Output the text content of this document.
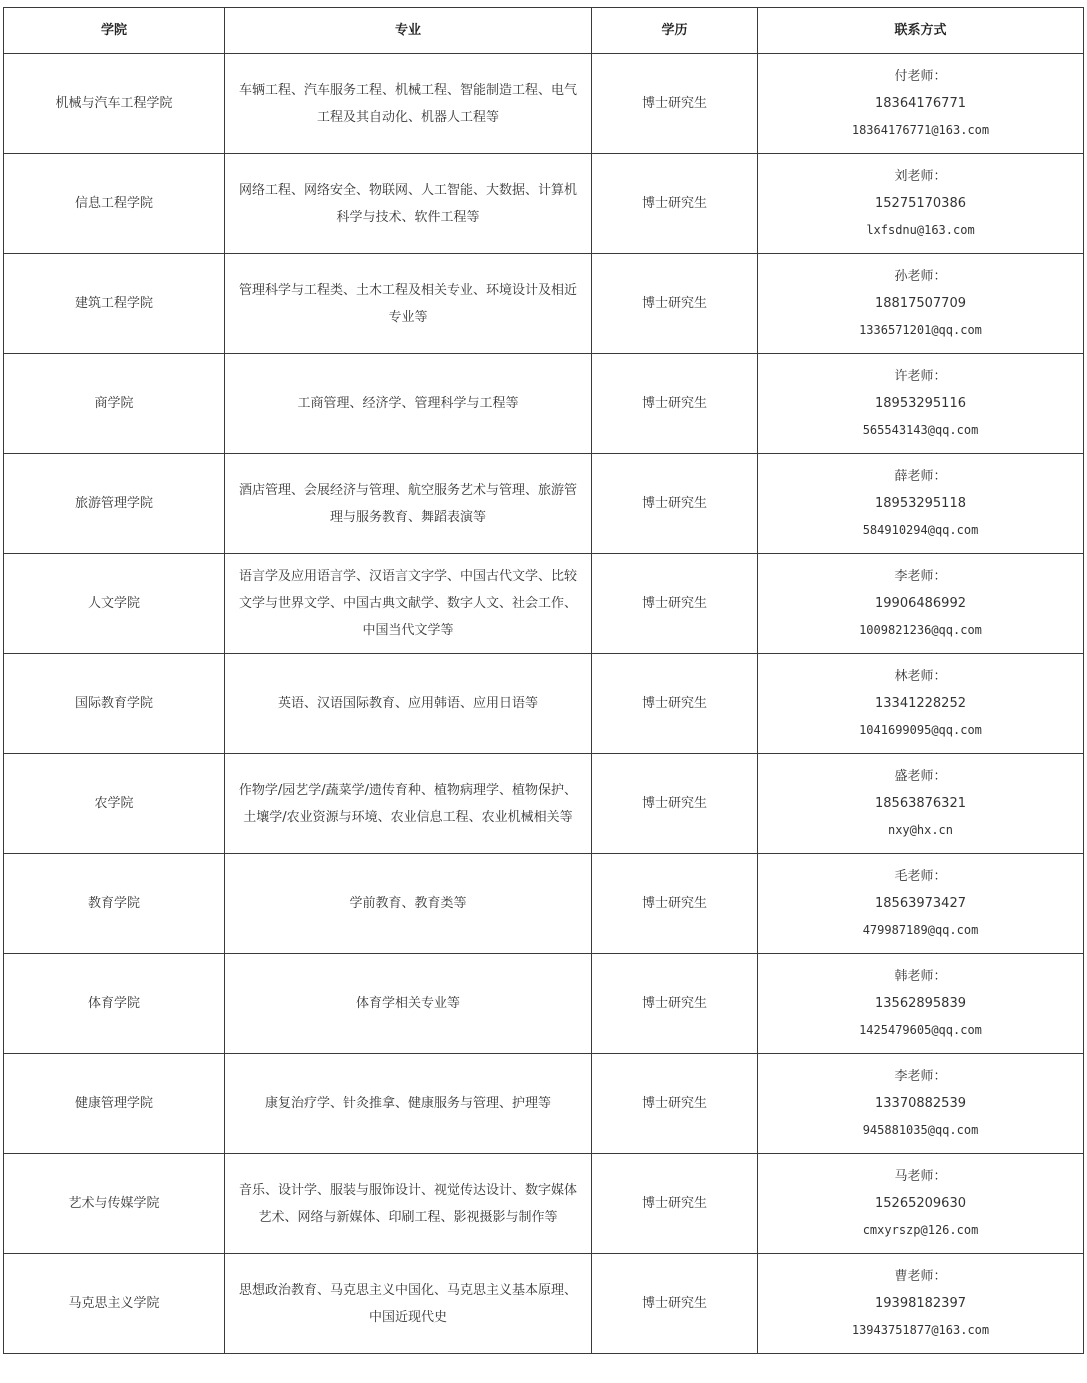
学院	专业	学历	联系方式
机械与汽车工程学院	车辆工程、汽车服务工程、机械工程、智能制造工程、电气工程及其自动化、机器人工程等	博士研究生	付老师：
18364176771
18364176771@163.com

信息工程学院	网络工程、网络安全、物联网、人工智能、大数据、计算机科学与技术、软件工程等	博士研究生	刘老师：
15275170386
lxfsdnu@163.com

建筑工程学院	管理科学与工程类、土木工程及相关专业、环境设计及相近专业等	博士研究生	孙老师：
18817507709
1336571201@qq.com

商学院	工商管理、经济学、管理科学与工程等	博士研究生	许老师：
18953295116
565543143@qq.com

旅游管理学院	酒店管理、会展经济与管理、航空服务艺术与管理、旅游管理与服务教育、舞蹈表演等	博士研究生	薛老师：
18953295118
584910294@qq.com

人文学院	语言学及应用语言学、汉语言文字学、中国古代文学、比较文学与世界文学、中国古典文献学、数字人文、社会工作、中国当代文学等	博士研究生	李老师：
19906486992
1009821236@qq.com

国际教育学院	英语、汉语国际教育、应用韩语、应用日语等	博士研究生	林老师：
13341228252
1041699095@qq.com

农学院	作物学/园艺学/蔬菜学/遗传育种、植物病理学、植物保护、土壤学/农业资源与环境、农业信息工程、农业机械相关等	博士研究生	盛老师：
18563876321
nxy@hx.cn

教育学院	学前教育、教育类等	博士研究生	毛老师：
18563973427
479987189@qq.com

体育学院	体育学相关专业等	博士研究生	韩老师：
13562895839
1425479605@qq.com

健康管理学院	康复治疗学、针灸推拿、健康服务与管理、护理等	博士研究生	李老师：
13370882539
945881035@qq.com

艺术与传媒学院	音乐、设计学、服装与服饰设计、视觉传达设计、数字媒体艺术、网络与新媒体、印刷工程、影视摄影与制作等	博士研究生	马老师：
15265209630
cmxyrszp@126.com

马克思主义学院	思想政治教育、马克思主义中国化、马克思主义基本原理、中国近现代史	博士研究生	曹老师：
19398182397
13943751877@163.com
